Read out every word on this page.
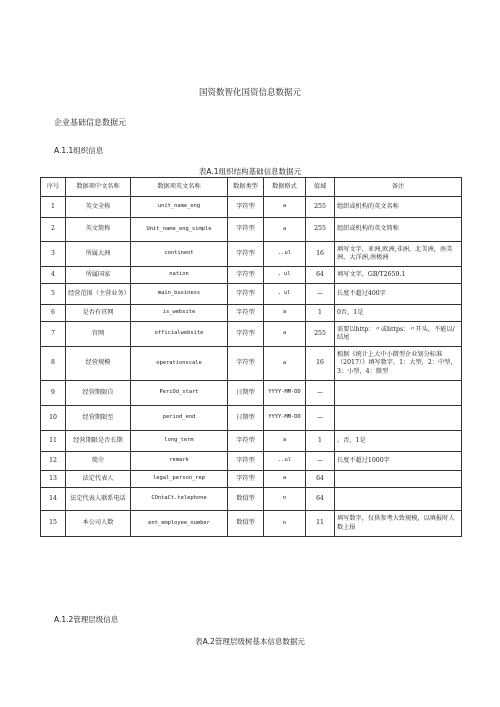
国资数智化国资信息数据元
企业基础信息数据元
A.1.1组织信息
表A.1组织结构基础信息数据元
序号	数据项中文名称	数据项英文名称	数据类型	数据格式	值域	备注
1	英文全称	unit_name_eng	字符型	a	255	组织或机构的英文名称
2	英文简称	Unit_name_eng_simple	字符型	a	255	组织或机构的英文简称
3	所属大洲	continent	字符型	..ul	16	填写文字，亚洲,欧洲,非洲，北美洲，南美洲，大洋洲,南极洲
4	所属国家	nation	字符型	、ul	64	填写文字，GB/T2659.1
5	经营范围（主营业务）	main_business	字符型	、ul	—	长度不超过400字
6	是否有官网	is_website	字符型	a	1	0否，1是
7	官网	officialwebsite	字符型	a	255	需要以http：〃或https：〃开头，不能以/结尾
8	经营规模	operationscale	字符型	a	16	根据《统计上大中小微型企业划分标准（2017）》填写数字，1：大型，2：中型，3：小型，4：微型
9	经营期限自	PeriOd_start	日期型	YYYY-MM-DD	—	
10	经营期限至	period_end	日期型	YYYY-MM-DD	—	
11	经营期限是否长期	long_term	字符型	a	1	。否，1是
12	简介	remark	字符型	..ul	—	长度不超过1000字
13	法定代表人	legal_person_rep	字符型	a	64	
14	法定代表人联系电话	COntaCt.telephone	数值型	n	64	
15	本公司人数	ent_employee_number	数值型	n	11	填写数字，仅供参考大致规模，以填报时人数上报
A.1.2管理层级信息
表A.2管理层级树基本信息数据元
